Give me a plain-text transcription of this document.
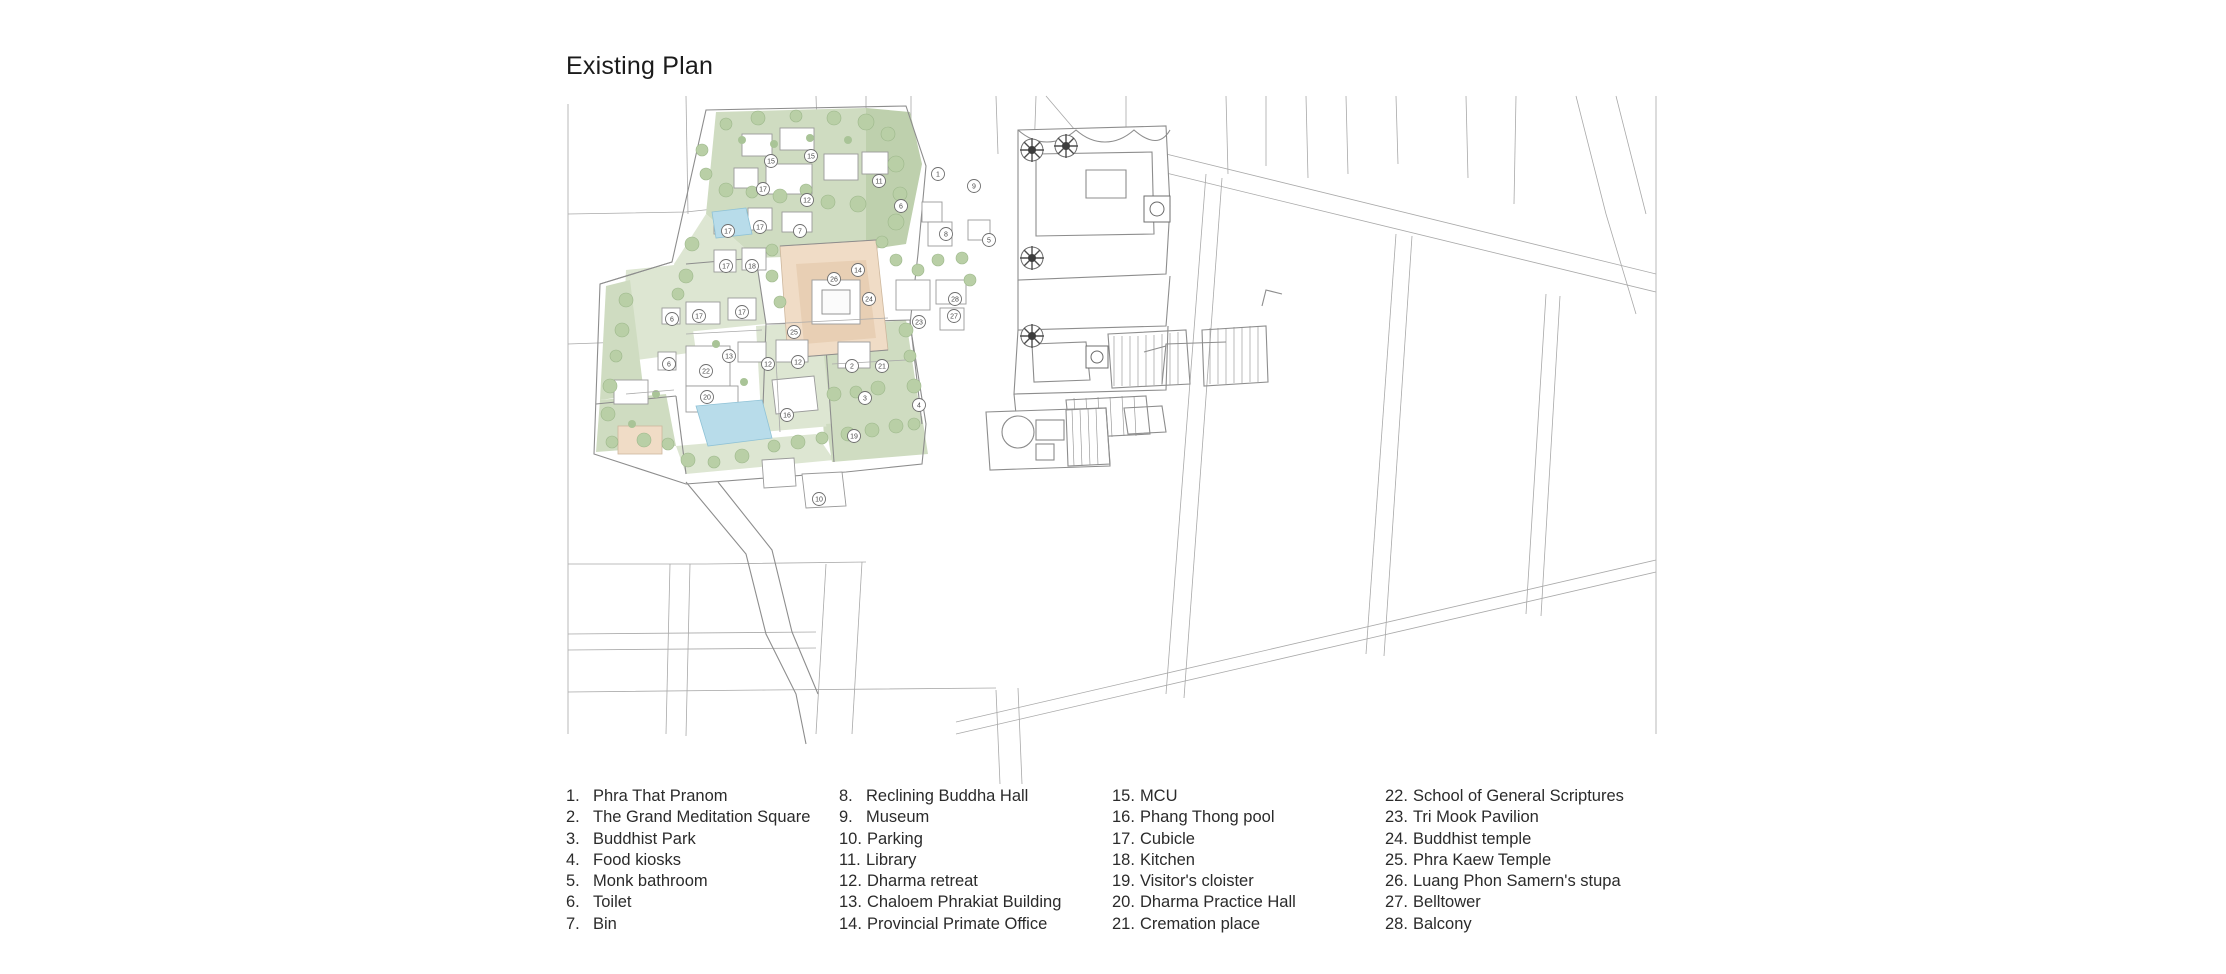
Existing Plan
15
15
17
11
1
9
12
6
17
17
7	8
5
17	18
26
14
24	28
27
23
6	17
17
25
13
6
22
12	12
21
2
20	3
4
16
19
10
1. Phra That Pranom
2. The Grand Meditation Square
3. Buddhist Park
4. Food kiosks
5. Monk bathroom
6. Toilet
7. Bin
8. Reclining Buddha Hall
9. Museum
10. Parking
11. Library
12. Dharma retreat
13. Chaloem Phrakiat Building
14. Provincial Primate Office
15. MCU
16. Phang Thong pool
17. Cubicle
18. Kitchen
19. Visitor's cloister
20. Dharma Practice Hall
21. Cremation place
22. School of General Scriptures
23. Tri Mook Pavilion
24. Buddhist temple
25. Phra Kaew Temple
26. Luang Phon Samern's stupa
27. Belltower
28. Balcony
